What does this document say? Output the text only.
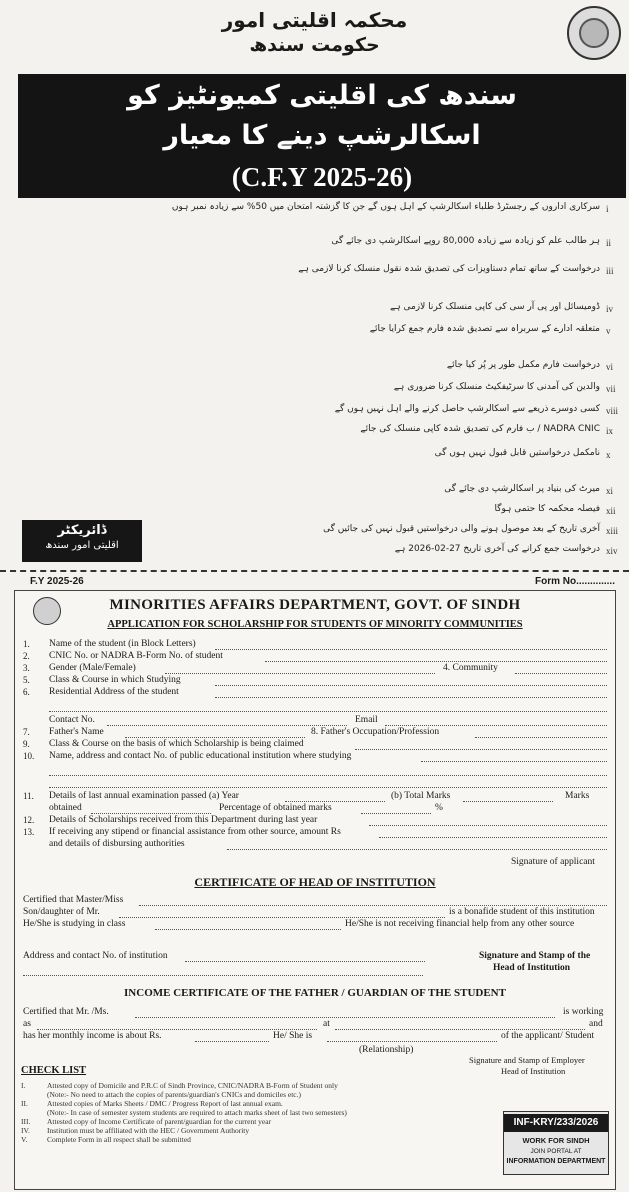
محکمہ اقلیتی امور
حکومت سندھ
سندھ کی اقلیتی کمیونٹیز کو
اسکالرشپ دینے کا معیار
(C.F.Y 2025-26)
i
سرکاری اداروں کے رجسٹرڈ طلباء اسکالرشپ کے اہل ہوں گے جن کا گزشتہ امتحان میں 50% سے زیادہ نمبر ہوں
ii
ہر طالب علم کو زیادہ سے زیادہ 80,000 روپے اسکالرشپ دی جائے گی
iii
درخواست کے ساتھ تمام دستاویزات کی تصدیق شدہ نقول منسلک کرنا لازمی ہے
iv
ڈومیسائل اور پی آر سی کی کاپی منسلک کرنا لازمی ہے
v
متعلقہ ادارے کے سربراہ سے تصدیق شدہ فارم جمع کرایا جائے
vi
درخواست فارم مکمل طور پر پُر کیا جائے
vii
والدین کی آمدنی کا سرٹیفکیٹ منسلک کرنا ضروری ہے
viii
کسی دوسرے ذریعے سے اسکالرشپ حاصل کرنے والے اہل نہیں ہوں گے
ix
NADRA CNIC / ب فارم کی تصدیق شدہ کاپی منسلک کی جائے
x
نامکمل درخواستیں قابل قبول نہیں ہوں گی
xi
میرٹ کی بنیاد پر اسکالرشپ دی جائے گی
xii
فیصلہ محکمہ کا حتمی ہوگا
xiii
آخری تاریخ کے بعد موصول ہونے والی درخواستیں قبول نہیں کی جائیں گی
xiv
درخواست جمع کرانے کی آخری تاریخ 27-02-2026 ہے
ڈائریکٹر
اقلیتی امور سندھ
F.Y 2025-26	Form No..............
MINORITIES AFFAIRS DEPARTMENT, GOVT. OF SINDH
APPLICATION FOR SCHOLARSHIP FOR STUDENTS OF MINORITY COMMUNITIES
1. Name of the student (in Block Letters)
2. CNIC No. or NADRA B-Form No. of student
3. Gender (Male/Female)	4. Community
5. Class & Course in which Studying
6. Residential Address of the student
Contact No.	Email
7. Father's Name	8. Father's Occupation/Profession
9. Class & Course on the basis of which Scholarship is being claimed
10. Name, address and contact No. of public educational institution where studying
11. Details of last annual examination passed (a) Year	(b) Total Marks	Marks
obtained	Percentage of obtained marks	%
12. Details of Scholarships received from this Department during last year
13. If receiving any stipend or financial assistance from other source, amount Rs
and details of disbursing authorities
Signature of applicant
CERTIFICATE OF HEAD OF INSTITUTION
Certified that Master/Miss
Son/daughter of Mr.	is a bonafide student of this institution
He/She is studying in class	He/She is not receiving financial help from any other source
Address and contact No. of institution	Signature and Stamp of the
Head of Institution
INCOME CERTIFICATE OF THE FATHER / GUARDIAN OF THE STUDENT
Certified that Mr. /Ms.	is working
as	at	and
has her monthly income is about Rs.	He/ She is	of the applicant/ Student
(Relationship)
Signature and Stamp of Employer
Head of Institution
CHECK LIST
I.	Attested copy of Domicile and P.R.C of Sindh Province, CNIC/NADRA B-Form of Student only
(Note:- No need to attach the copies of parents/guardian's CNICs and domiciles etc.)
II.	Attested copies of Marks Sheets / DMC / Progress Report of last annual exam.
(Note:- In case of semester system students are required to attach marks sheet of last two semesters)
III. Attested copy of Income Certificate of parent/guardian for the current year
IV. Institution must be affiliated with the HEC / Government Authority
V.	Complete Form in all respect shall be submitted
INF-KRY/233/2026
WORK FOR SINDH
JOIN PORTAL AT
INFORMATION DEPARTMENT
